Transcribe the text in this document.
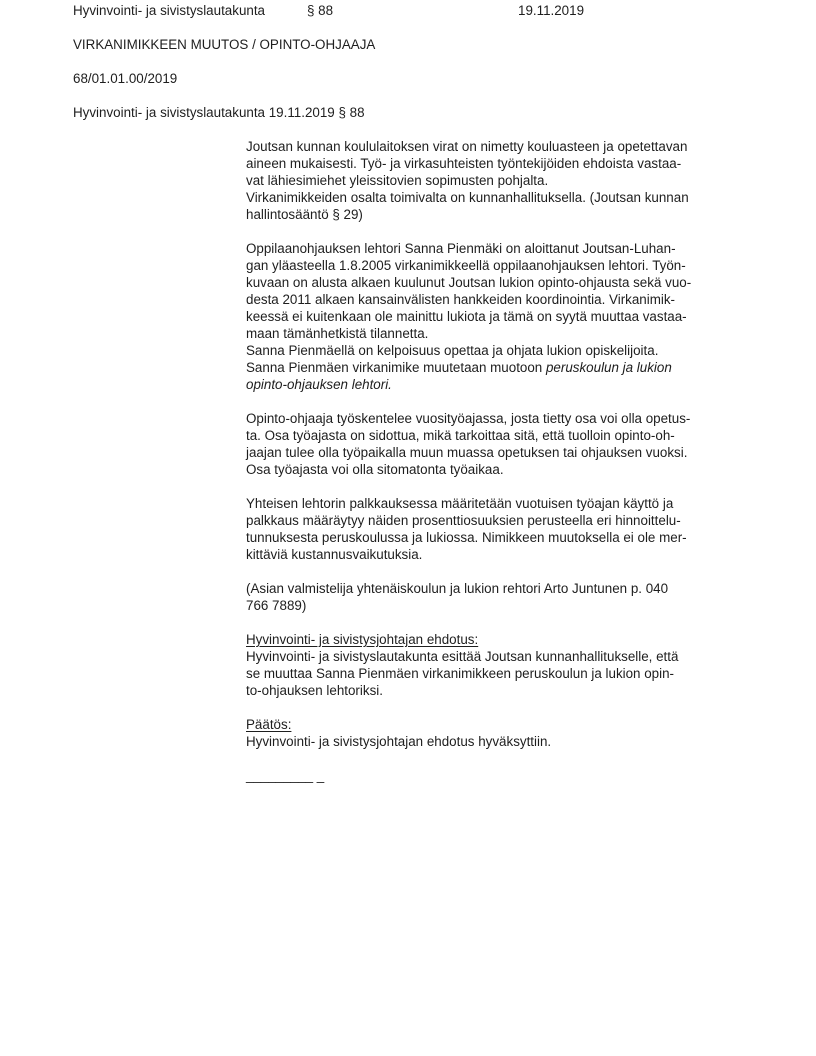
Hyvinvointi- ja sivistyslautakunta	§ 88	19.11.2019
VIRKANIMIKKEEN MUUTOS / OPINTO-OHJAAJA
68/01.01.00/2019
Hyvinvointi- ja sivistyslautakunta 19.11.2019 § 88
Joutsan kunnan koululaitoksen virat on nimetty kouluasteen ja opetettavan
aineen mukaisesti. Työ- ja virkasuhteisten työntekijöiden ehdoista vastaa-
vat lähiesimiehet yleissitovien sopimusten pohjalta.
Virkanimikkeiden osalta toimivalta on kunnanhallituksella. (Joutsan kunnan
hallintosääntö § 29)
Oppilaanohjauksen lehtori Sanna Pienmäki on aloittanut Joutsan-Luhan-
gan yläasteella 1.8.2005 virkanimikkeellä oppilaanohjauksen lehtori. Työn-
kuvaan on alusta alkaen kuulunut Joutsan lukion opinto-ohjausta sekä vuo-
desta 2011 alkaen kansainvälisten hankkeiden koordinointia. Virkanimik-
keessä ei kuitenkaan ole mainittu lukiota ja tämä on syytä muuttaa vastaa-
maan tämänhetkistä tilannetta.
Sanna Pienmäellä on kelpoisuus opettaa ja ohjata lukion opiskelijoita.
Sanna Pienmäen virkanimike muutetaan muotoon peruskoulun ja lukion
opinto-ohjauksen lehtori.
Opinto-ohjaaja työskentelee vuosityöajassa, josta tietty osa voi olla opetus-
ta. Osa työajasta on sidottua, mikä tarkoittaa sitä, että tuolloin opinto-oh-
jaajan tulee olla työpaikalla muun muassa opetuksen tai ohjauksen vuoksi.
Osa työajasta voi olla sitomatonta työaikaa.
Yhteisen lehtorin palkkauksessa määritetään vuotuisen työajan käyttö ja
palkkaus määräytyy näiden prosenttiosuuksien perusteella eri hinnoittelu-
tunnuksesta peruskoulussa ja lukiossa. Nimikkeen muutoksella ei ole mer-
kittäviä kustannusvaikutuksia.
(Asian valmistelija yhtenäiskoulun ja lukion rehtori Arto Juntunen p. 040
766 7889)
Hyvinvointi- ja sivistysjohtajan ehdotus:
Hyvinvointi- ja sivistyslautakunta esittää Joutsan kunnanhallitukselle, että
se muuttaa Sanna Pienmäen virkanimikkeen peruskoulun ja lukion opin-
to-ohjauksen lehtoriksi.
Päätös:
Hyvinvointi- ja sivistysjohtajan ehdotus hyväksyttiin.
_________ _
